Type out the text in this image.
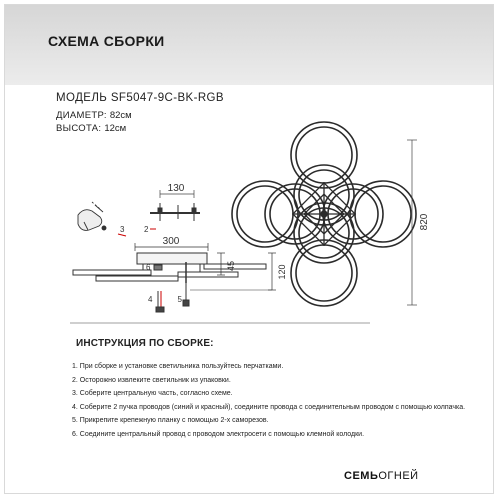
СХЕМА СБОРКИ
МОДЕЛЬ SF5047-9C-BK-RGB
ДИАМЕТР: 82см
ВЫСОТА: 12см
820
130
2
3
300
45	120
4	5
6
ИНСТРУКЦИЯ ПО СБОРКЕ:
1. При сборке и установке светильника пользуйтесь перчатками.
2. Осторожно извлеките светильник из упаковки.
3. Соберите центральную часть, согласно схеме.
4. Соберите 2 пучка проводов (синий и красный), соедините провода с соединительным проводом с помощью колпачка.
5. Прикрепите крепежную планку с помощью 2-х саморезов.
6. Соедините центральный провод с проводом электросети с помощью клемной колодки.
СЕМЬОГНЕЙ
